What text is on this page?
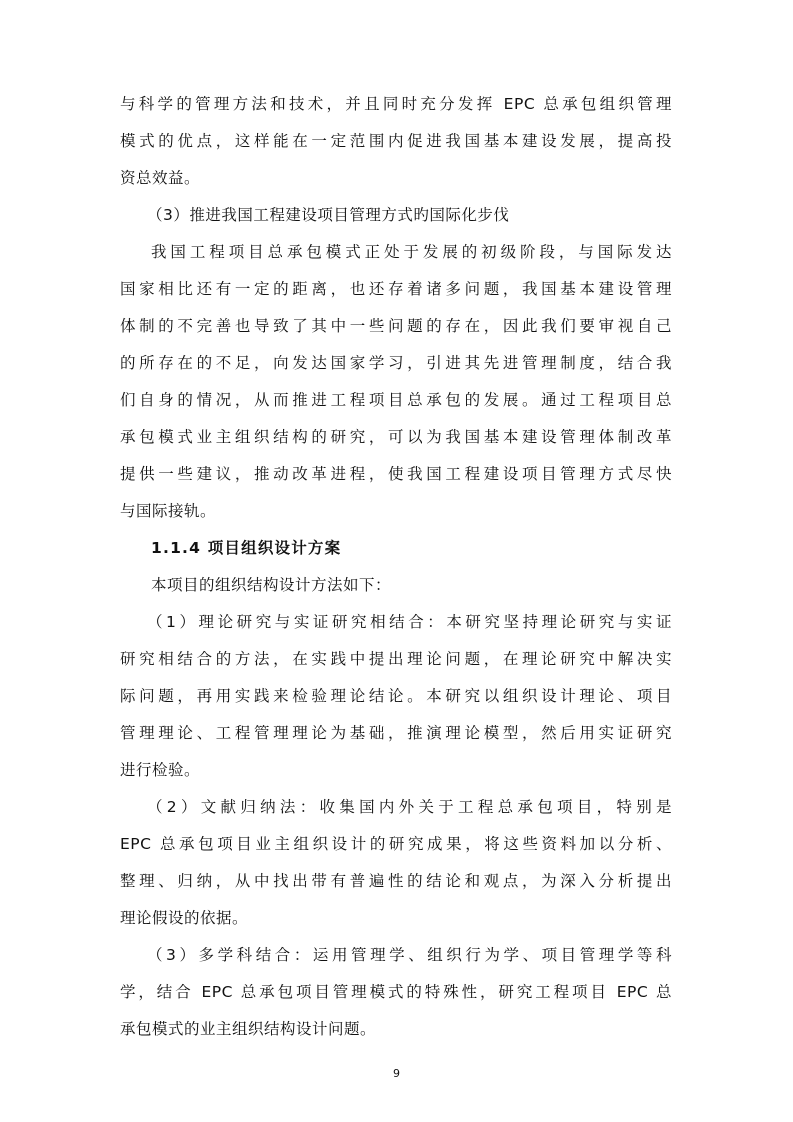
与科学的管理方法和技术，并且同时充分发挥 EPC 总承包组织管理
模式的优点，这样能在一定范围内促进我国基本建设发展，提高投
资总效益。
（3）推进我国工程建设项目管理方式旳国际化步伐
我国工程项目总承包模式正处于发展的初级阶段，与国际发达
国家相比还有一定的距离，也还存着诸多问题，我国基本建设管理
体制的不完善也导致了其中一些问题的存在，因此我们要审视自己
的所存在的不足，向发达国家学习，引进其先进管理制度，结合我
们自身的情况，从而推进工程项目总承包的发展。通过工程项目总
承包模式业主组织结构的研究，可以为我国基本建设管理体制改革
提供一些建议，推动改革进程，使我国工程建设项目管理方式尽快
与国际接轨。
1.1.4 项目组织设计方案
本项目的组织结构设计方法如下：
（1）理论研究与实证研究相结合：本研究坚持理论研究与实证
研究相结合的方法，在实践中提出理论问题，在理论研究中解决实
际问题，再用实践来检验理论结论。本研究以组织设计理论、项目
管理理论、工程管理理论为基础，推演理论模型，然后用实证研究
进行检验。
（2）文献归纳法：收集国内外关于工程总承包项目，特别是
EPC 总承包项目业主组织设计的研究成果，将这些资料加以分析、
整理、归纳，从中找出带有普遍性的结论和观点，为深入分析提出
理论假设的依据。
（3）多学科结合：运用管理学、组织行为学、项目管理学等科
学，结合 EPC 总承包项目管理模式的特殊性，研究工程项目 EPC 总
承包模式的业主组织结构设计问题。
9
